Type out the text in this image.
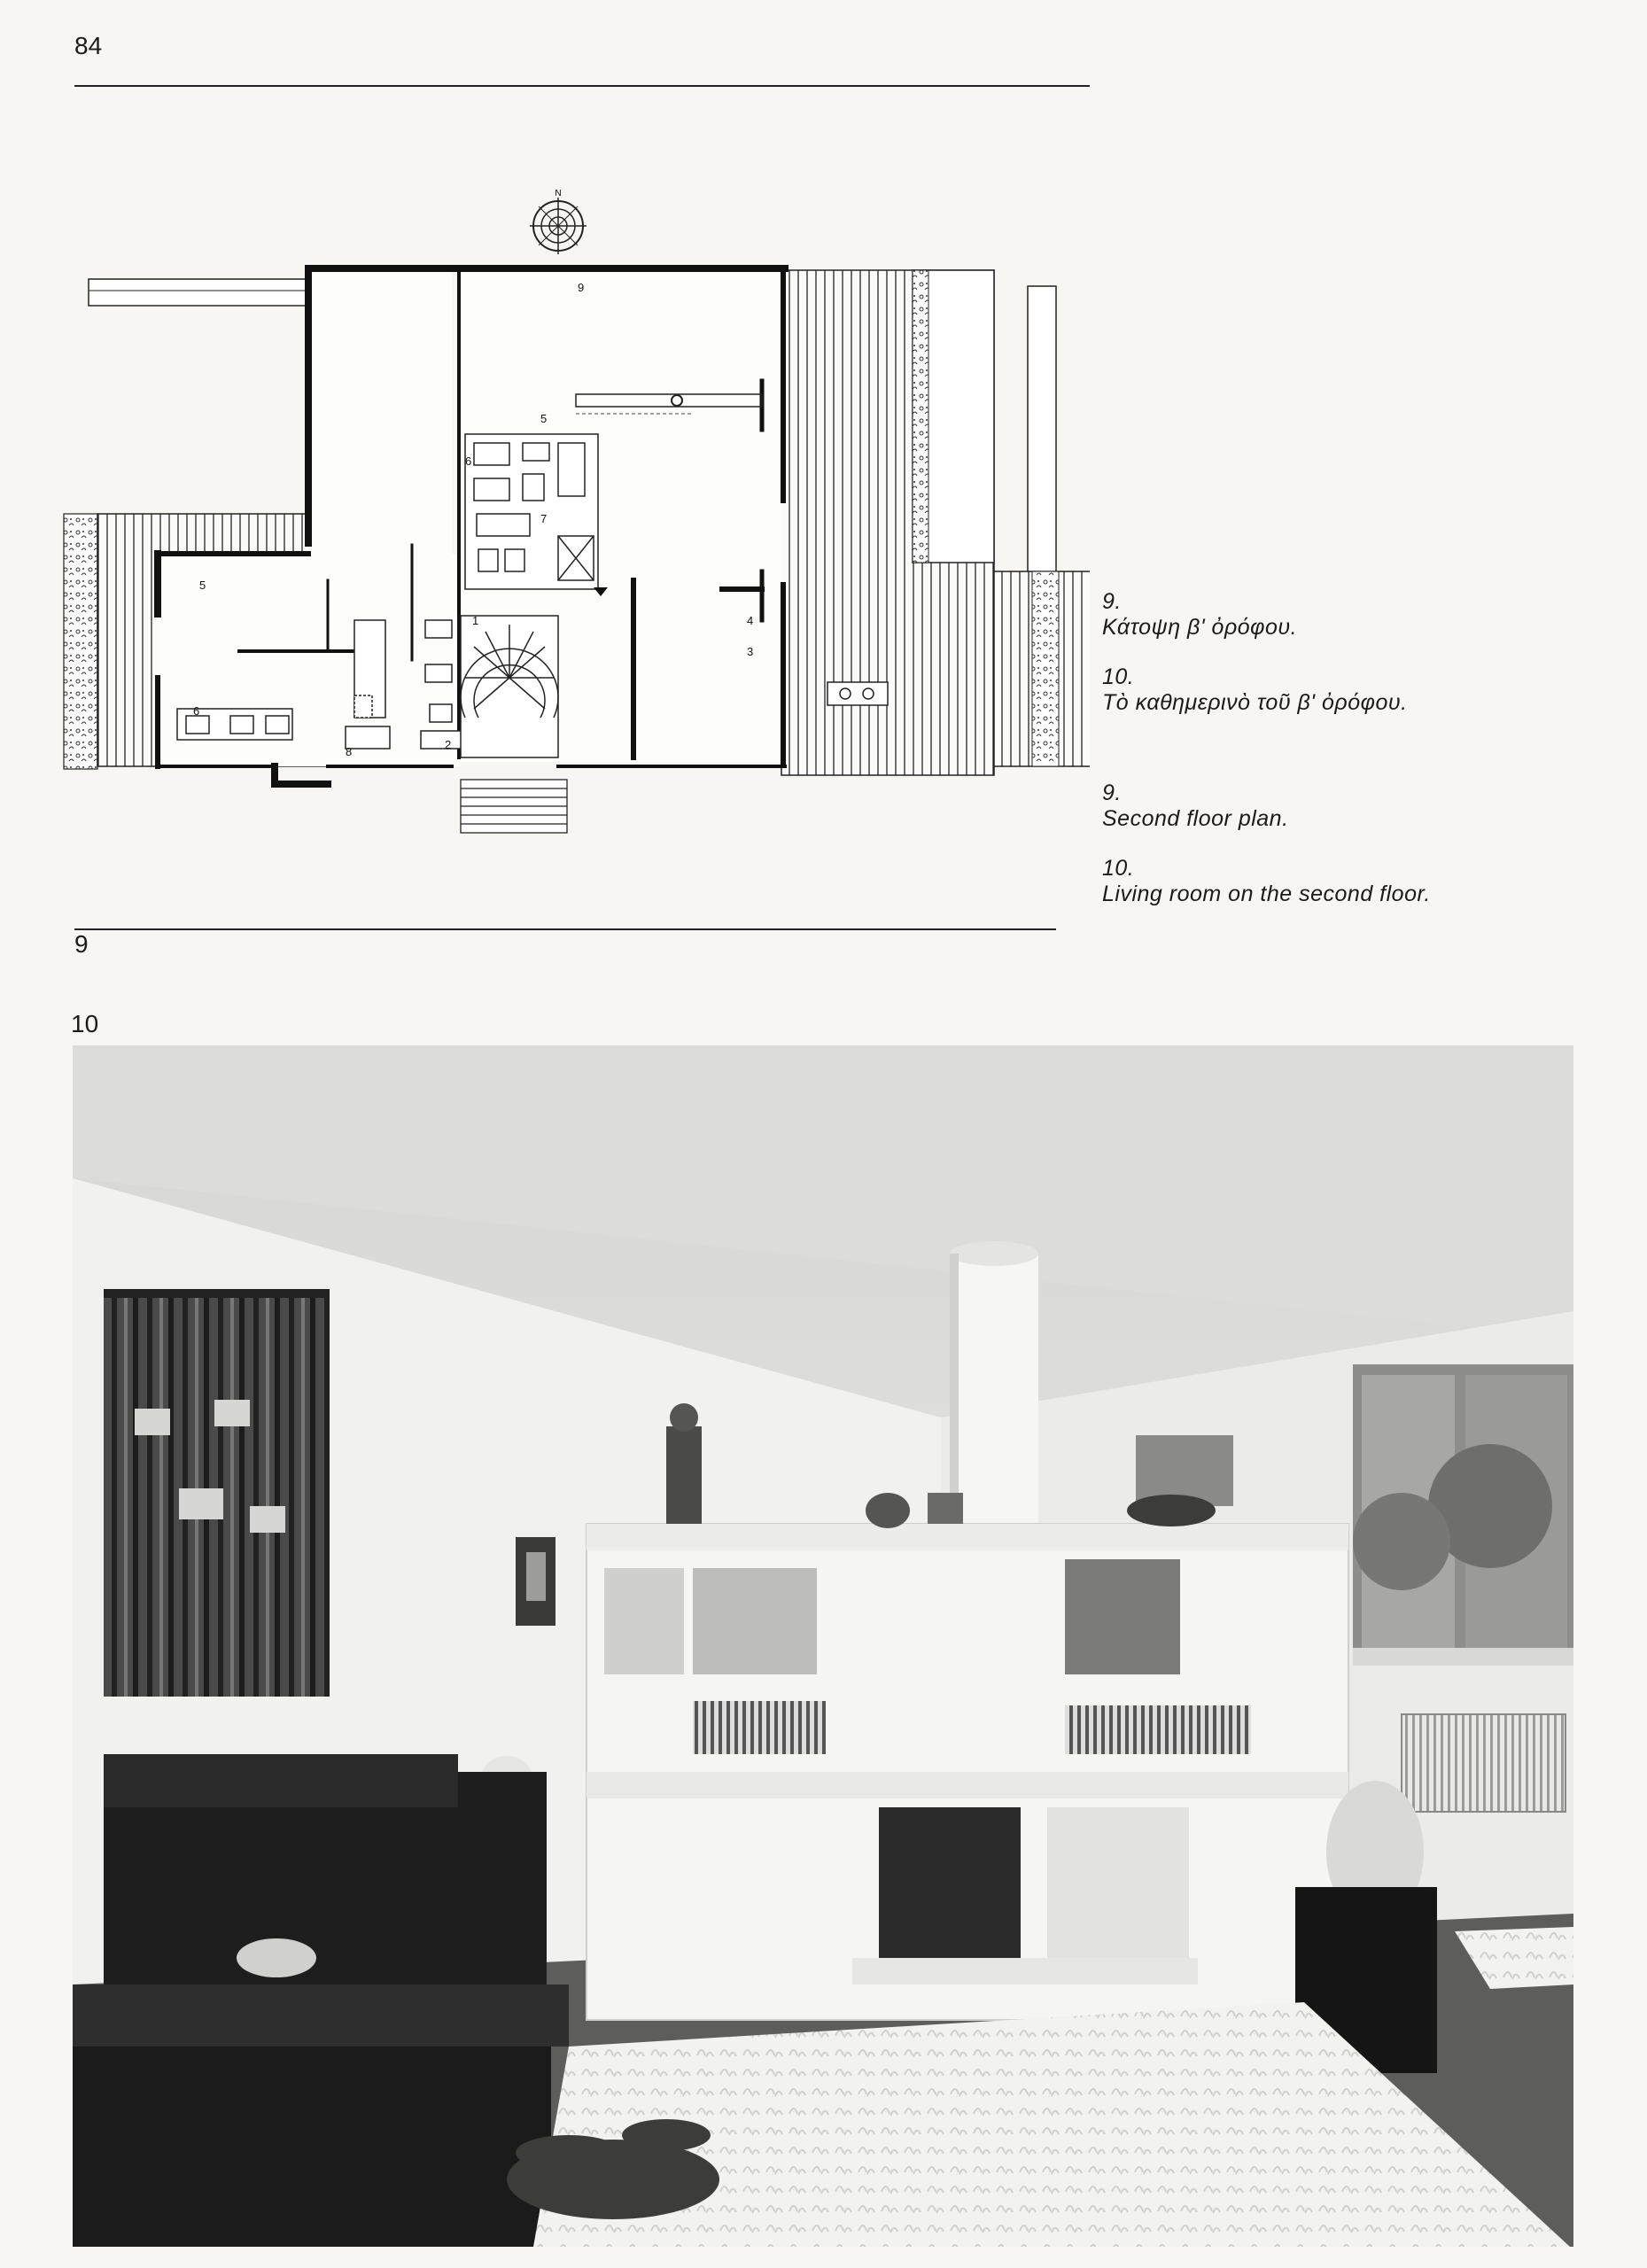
84
N
9
5
6
7
5
1	4
3
6
8
2
9
9.
Κάτοψη β' ὀρόφου.
10.
Τὸ καθημερινὸ τοῦ β' ὀρόφου.
9.
Second floor plan.
10.
Living room on the second floor.
10
